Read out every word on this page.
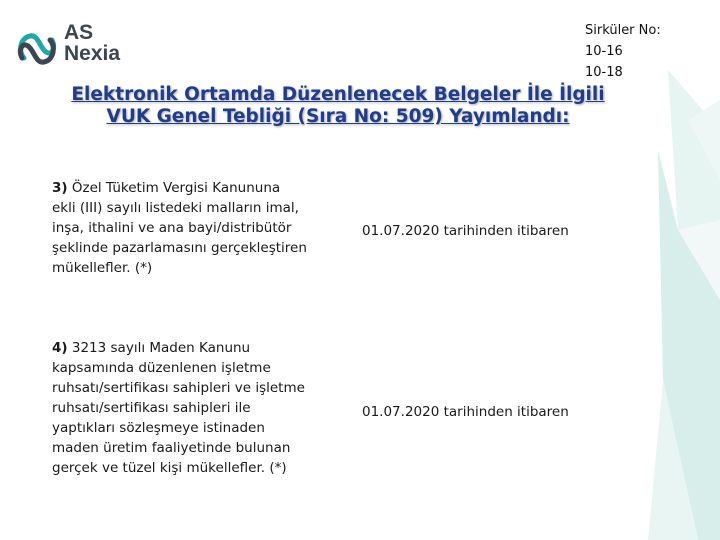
AS
Nexia
Sirküler No:
10-16
10-18
Elektronik Ortamda Düzenlenecek Belgeler İle İlgili
VUK Genel Tebliği (Sıra No: 509) Yayımlandı:
3) Özel Tüketim Vergisi Kanununa
ekli (III) sayılı listedeki malların imal,
inşa, ithalini ve ana bayi/distribütör
şeklinde pazarlamasını gerçekleştiren
mükellefler. (*)
01.07.2020 tarihinden itibaren
4) 3213 sayılı Maden Kanunu
kapsamında düzenlenen işletme
ruhsatı/sertifikası sahipleri ve işletme
ruhsatı/sertifikası sahipleri ile
yaptıkları sözleşmeye istinaden
maden üretim faaliyetinde bulunan
gerçek ve tüzel kişi mükellefler. (*)
01.07.2020 tarihinden itibaren
